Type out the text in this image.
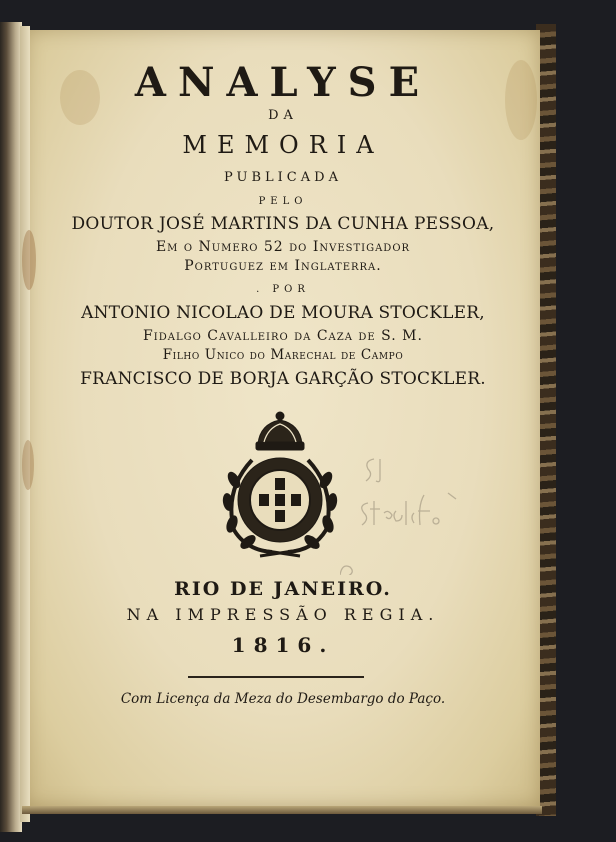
ANALYSE

DA

MEMORIA

PUBLICADA

PELO

DOUTOR JOSÉ MARTINS DA CUNHA PESSOA,

Em o Numero 52 do Investigador

Portuguez em Inglaterra.

. POR

ANTONIO NICOLAO DE MOURA STOCKLER,

Fidalgo Cavalleiro da Caza de S. M.

Filho Unico do Marechal de Campo

FRANCISCO DE BORJA GARÇÃO STOCKLER.

RIO DE JANEIRO.

NA IMPRESSÃO REGIA.

1816.

Com Licença da Meza do Desembargo do Paço.
